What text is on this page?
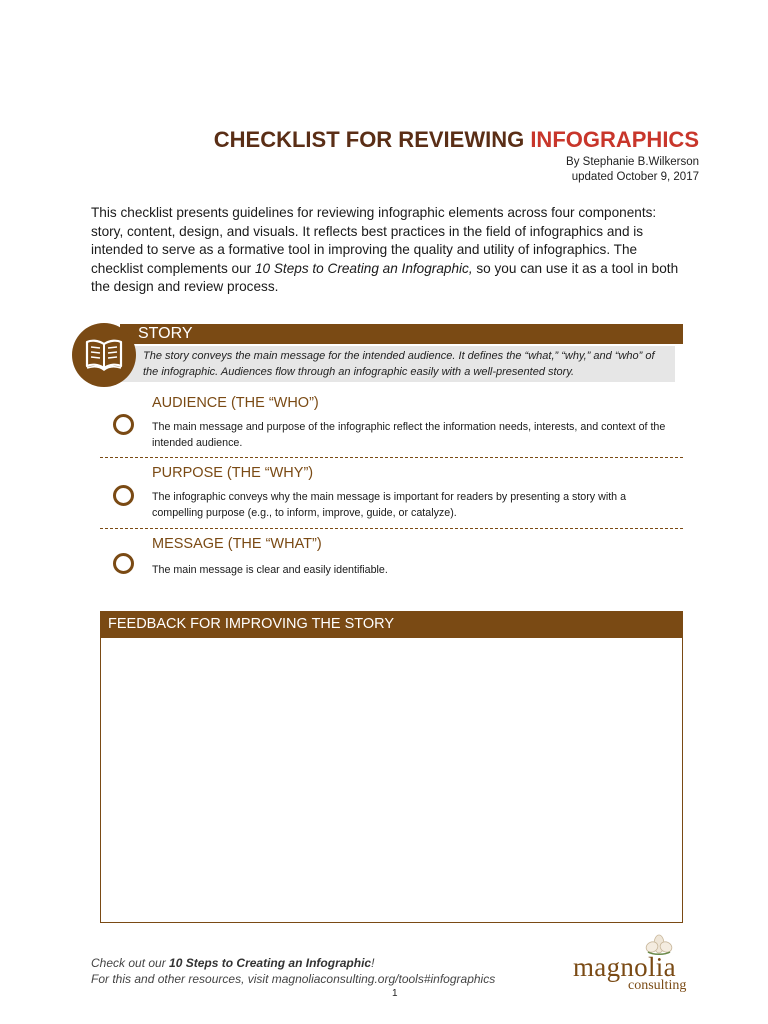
CHECKLIST FOR REVIEWING INFOGRAPHICS
By Stephanie B.Wilkerson
updated October 9, 2017

This checklist presents guidelines for reviewing infographic elements across four components: story, content, design, and visuals. It reflects best practices in the field of infographics and is intended to serve as a formative tool in improving the quality and utility of infographics. The checklist complements our 10 Steps to Creating an Infographic, so you can use it as a tool in both the design and review process.

STORY
The story conveys the main message for the intended audience. It defines the “what,” “why,” and “who” of the infographic. Audiences flow through an infographic easily with a well-presented story.
AUDIENCE (THE “WHO”)
The main message and purpose of the infographic reflect the information needs, interests, and context of the intended audience.
PURPOSE (THE “WHY”)
The infographic conveys why the main message is important for readers by presenting a story with a compelling purpose (e.g., to inform, improve, guide, or catalyze).
MESSAGE (THE “WHAT”)
The main message is clear and easily identifiable.
FEEDBACK FOR IMPROVING THE STORY
Check out our 10 Steps to Creating an Infographic!
For this and other resources, visit magnoliaconsulting.org/tools#infographics
1
magnolia
consulting
